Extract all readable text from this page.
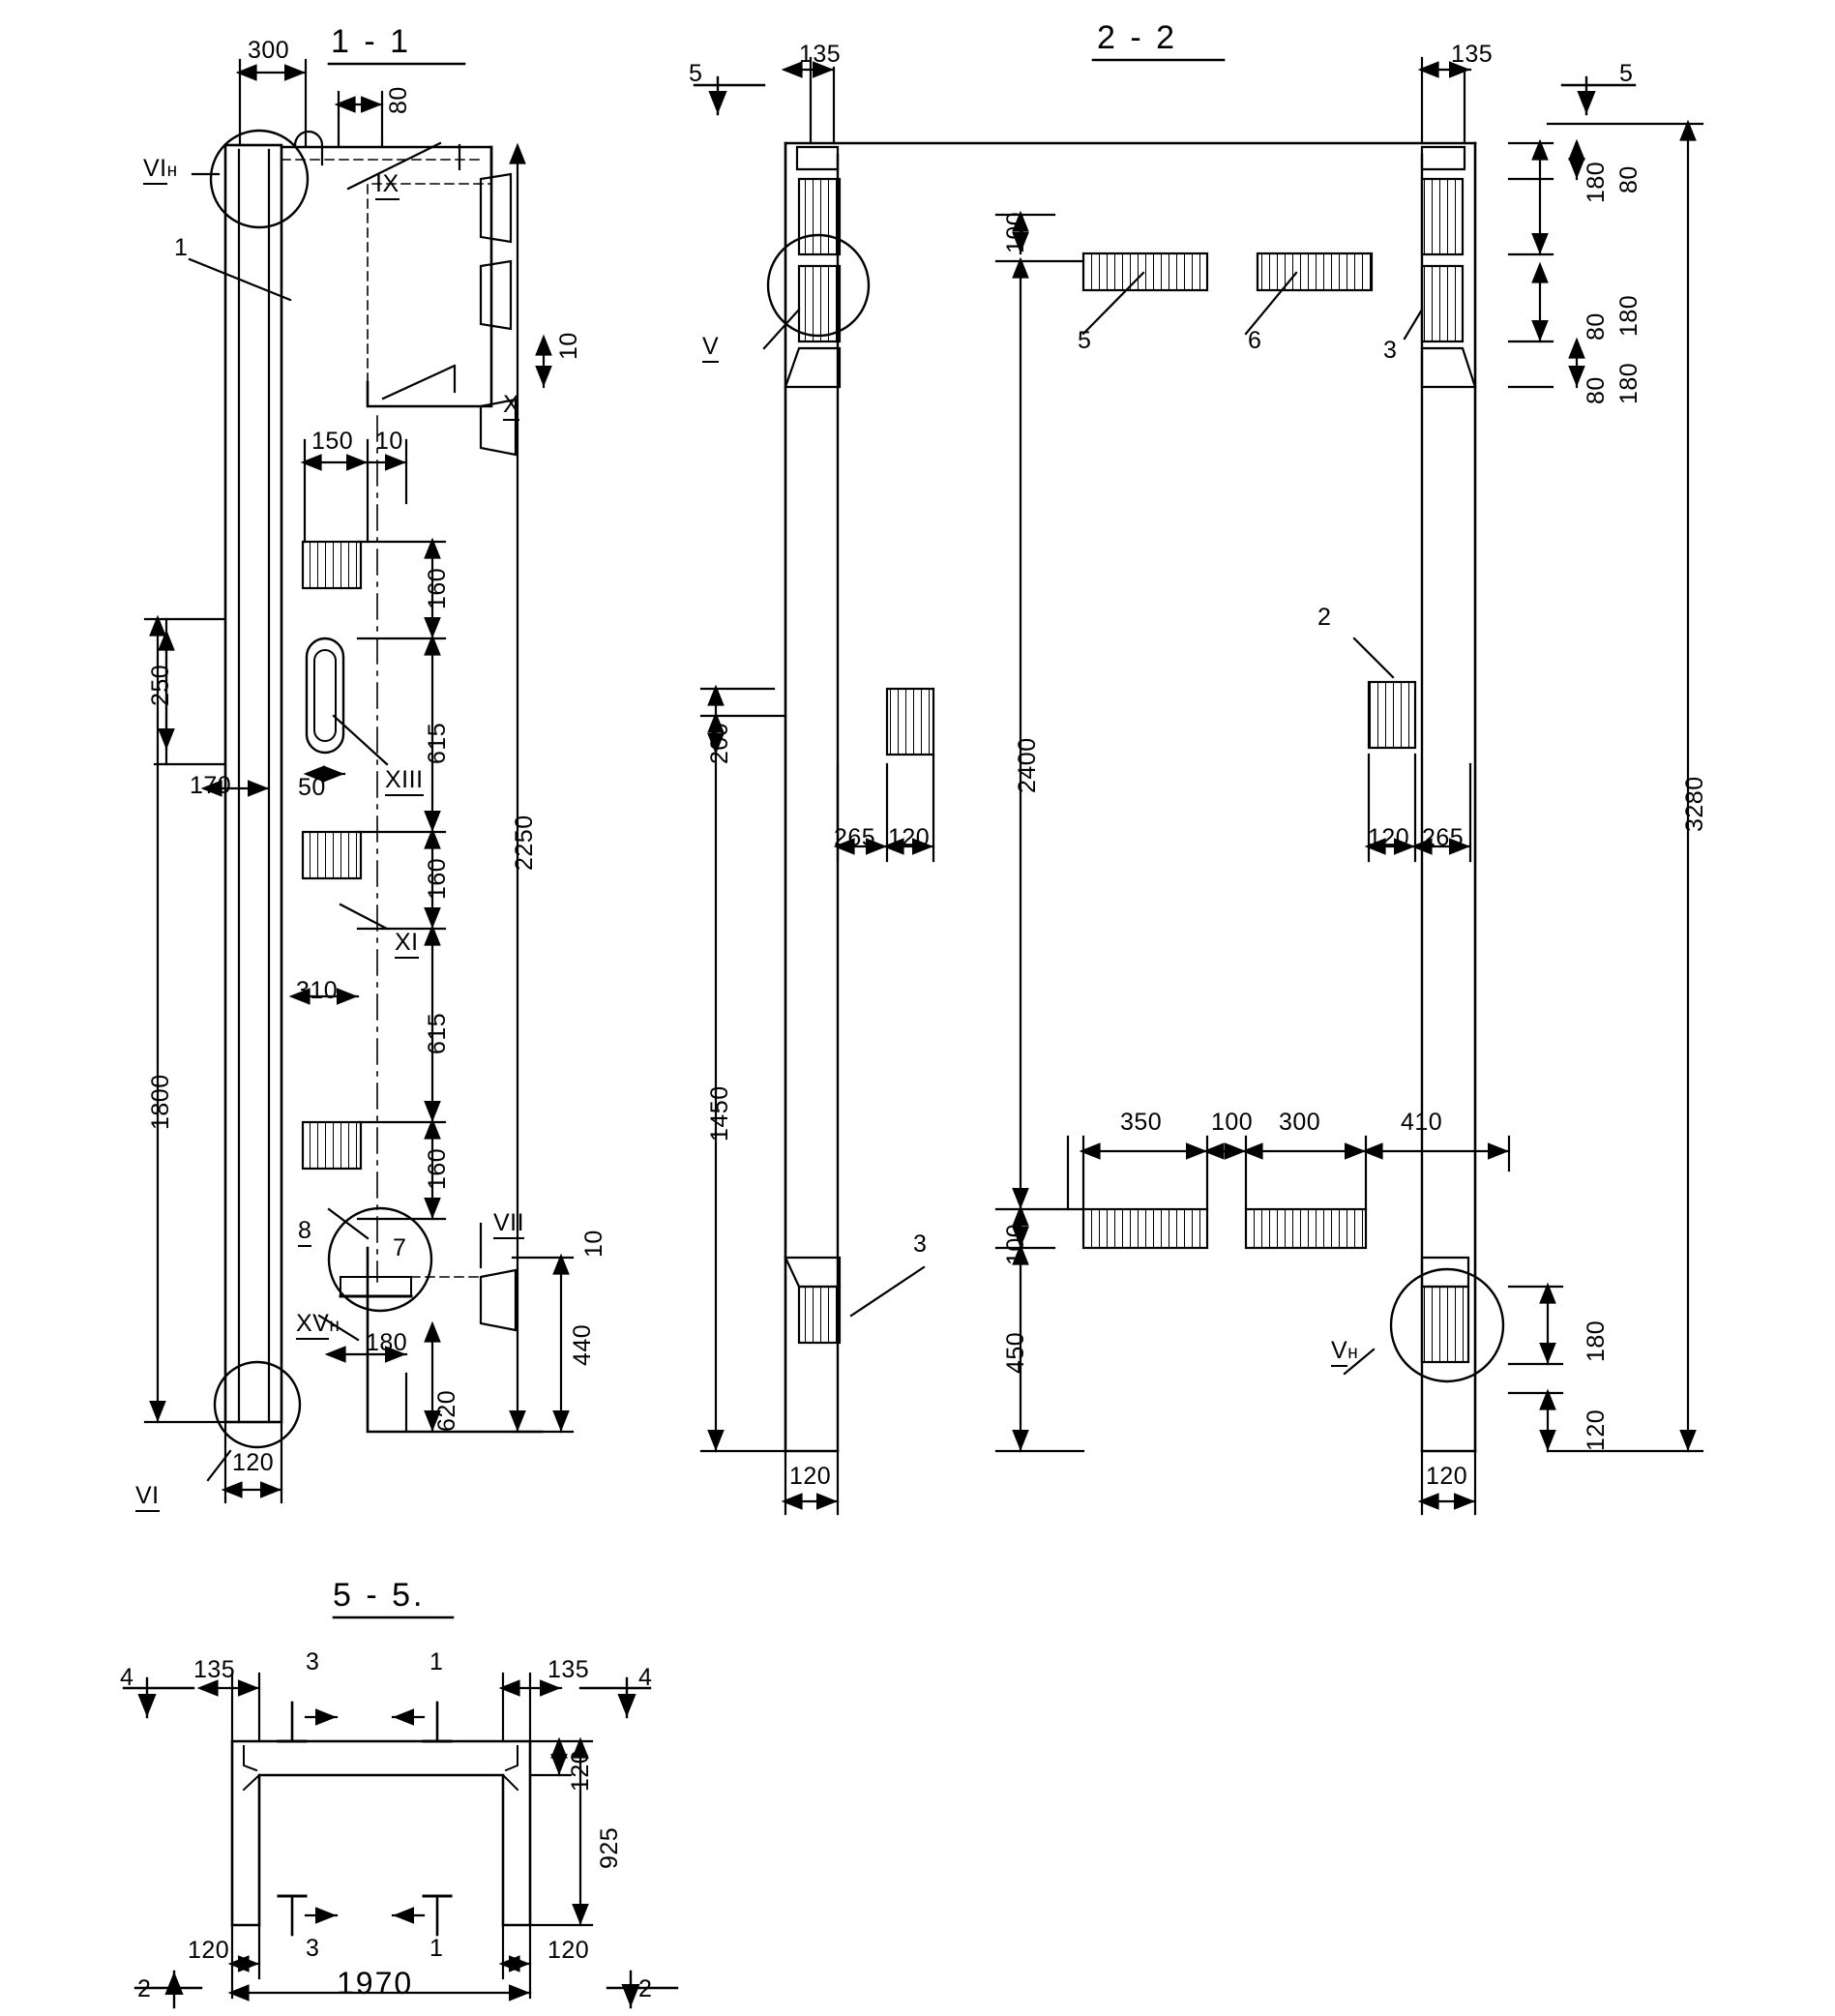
1 - 1
300
80
VIн	IX
1
10
X
150 10
160
615
250
170	50 XIII
2250
160
XI
310
615
1800
160
VII
8
7
440
10
XVн
180
620
VI
120
2 - 2
5
135	135
5
180 80
100
5	6	3
80 180
V
80 180
3280
2
200	2400
265 120	120 265
1450	350 100 300	410
3	100
450	Vн	180
120
120	120
5 - 5.
4 135	3	1	135 4
120
925
120	3	1	120
2	1970	2
